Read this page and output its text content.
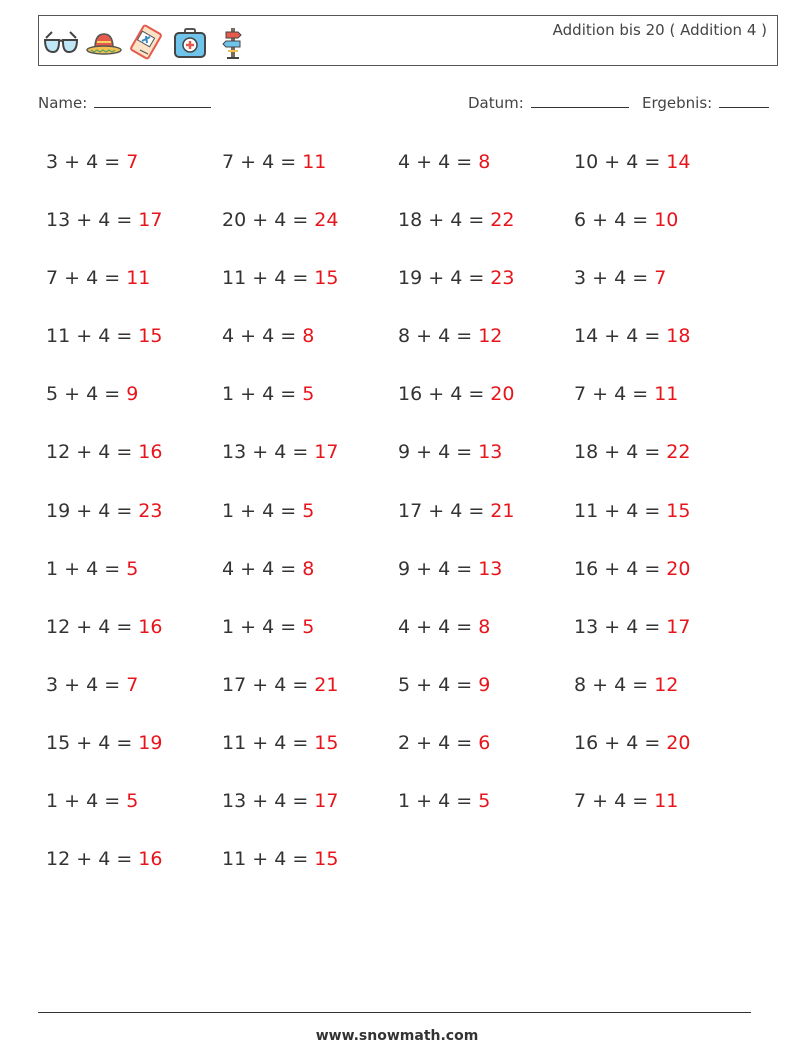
Addition bis 20 ( Addition 4 )
Name:	Datum:	Ergebnis:
3 + 4 = 7	7 + 4 = 11	4 + 4 = 8	10 + 4 = 14
13 + 4 = 17	20 + 4 = 24	18 + 4 = 22	6 + 4 = 10
7 + 4 = 11	11 + 4 = 15	19 + 4 = 23	3 + 4 = 7
11 + 4 = 15	4 + 4 = 8	8 + 4 = 12	14 + 4 = 18
5 + 4 = 9	1 + 4 = 5	16 + 4 = 20	7 + 4 = 11
12 + 4 = 16	13 + 4 = 17	9 + 4 = 13	18 + 4 = 22
19 + 4 = 23	1 + 4 = 5	17 + 4 = 21	11 + 4 = 15
1 + 4 = 5	4 + 4 = 8	9 + 4 = 13	16 + 4 = 20
12 + 4 = 16	1 + 4 = 5	4 + 4 = 8	13 + 4 = 17
3 + 4 = 7	17 + 4 = 21	5 + 4 = 9	8 + 4 = 12
15 + 4 = 19	11 + 4 = 15	2 + 4 = 6	16 + 4 = 20
1 + 4 = 5	13 + 4 = 17	1 + 4 = 5	7 + 4 = 11
12 + 4 = 16	11 + 4 = 15
www.snowmath.com
